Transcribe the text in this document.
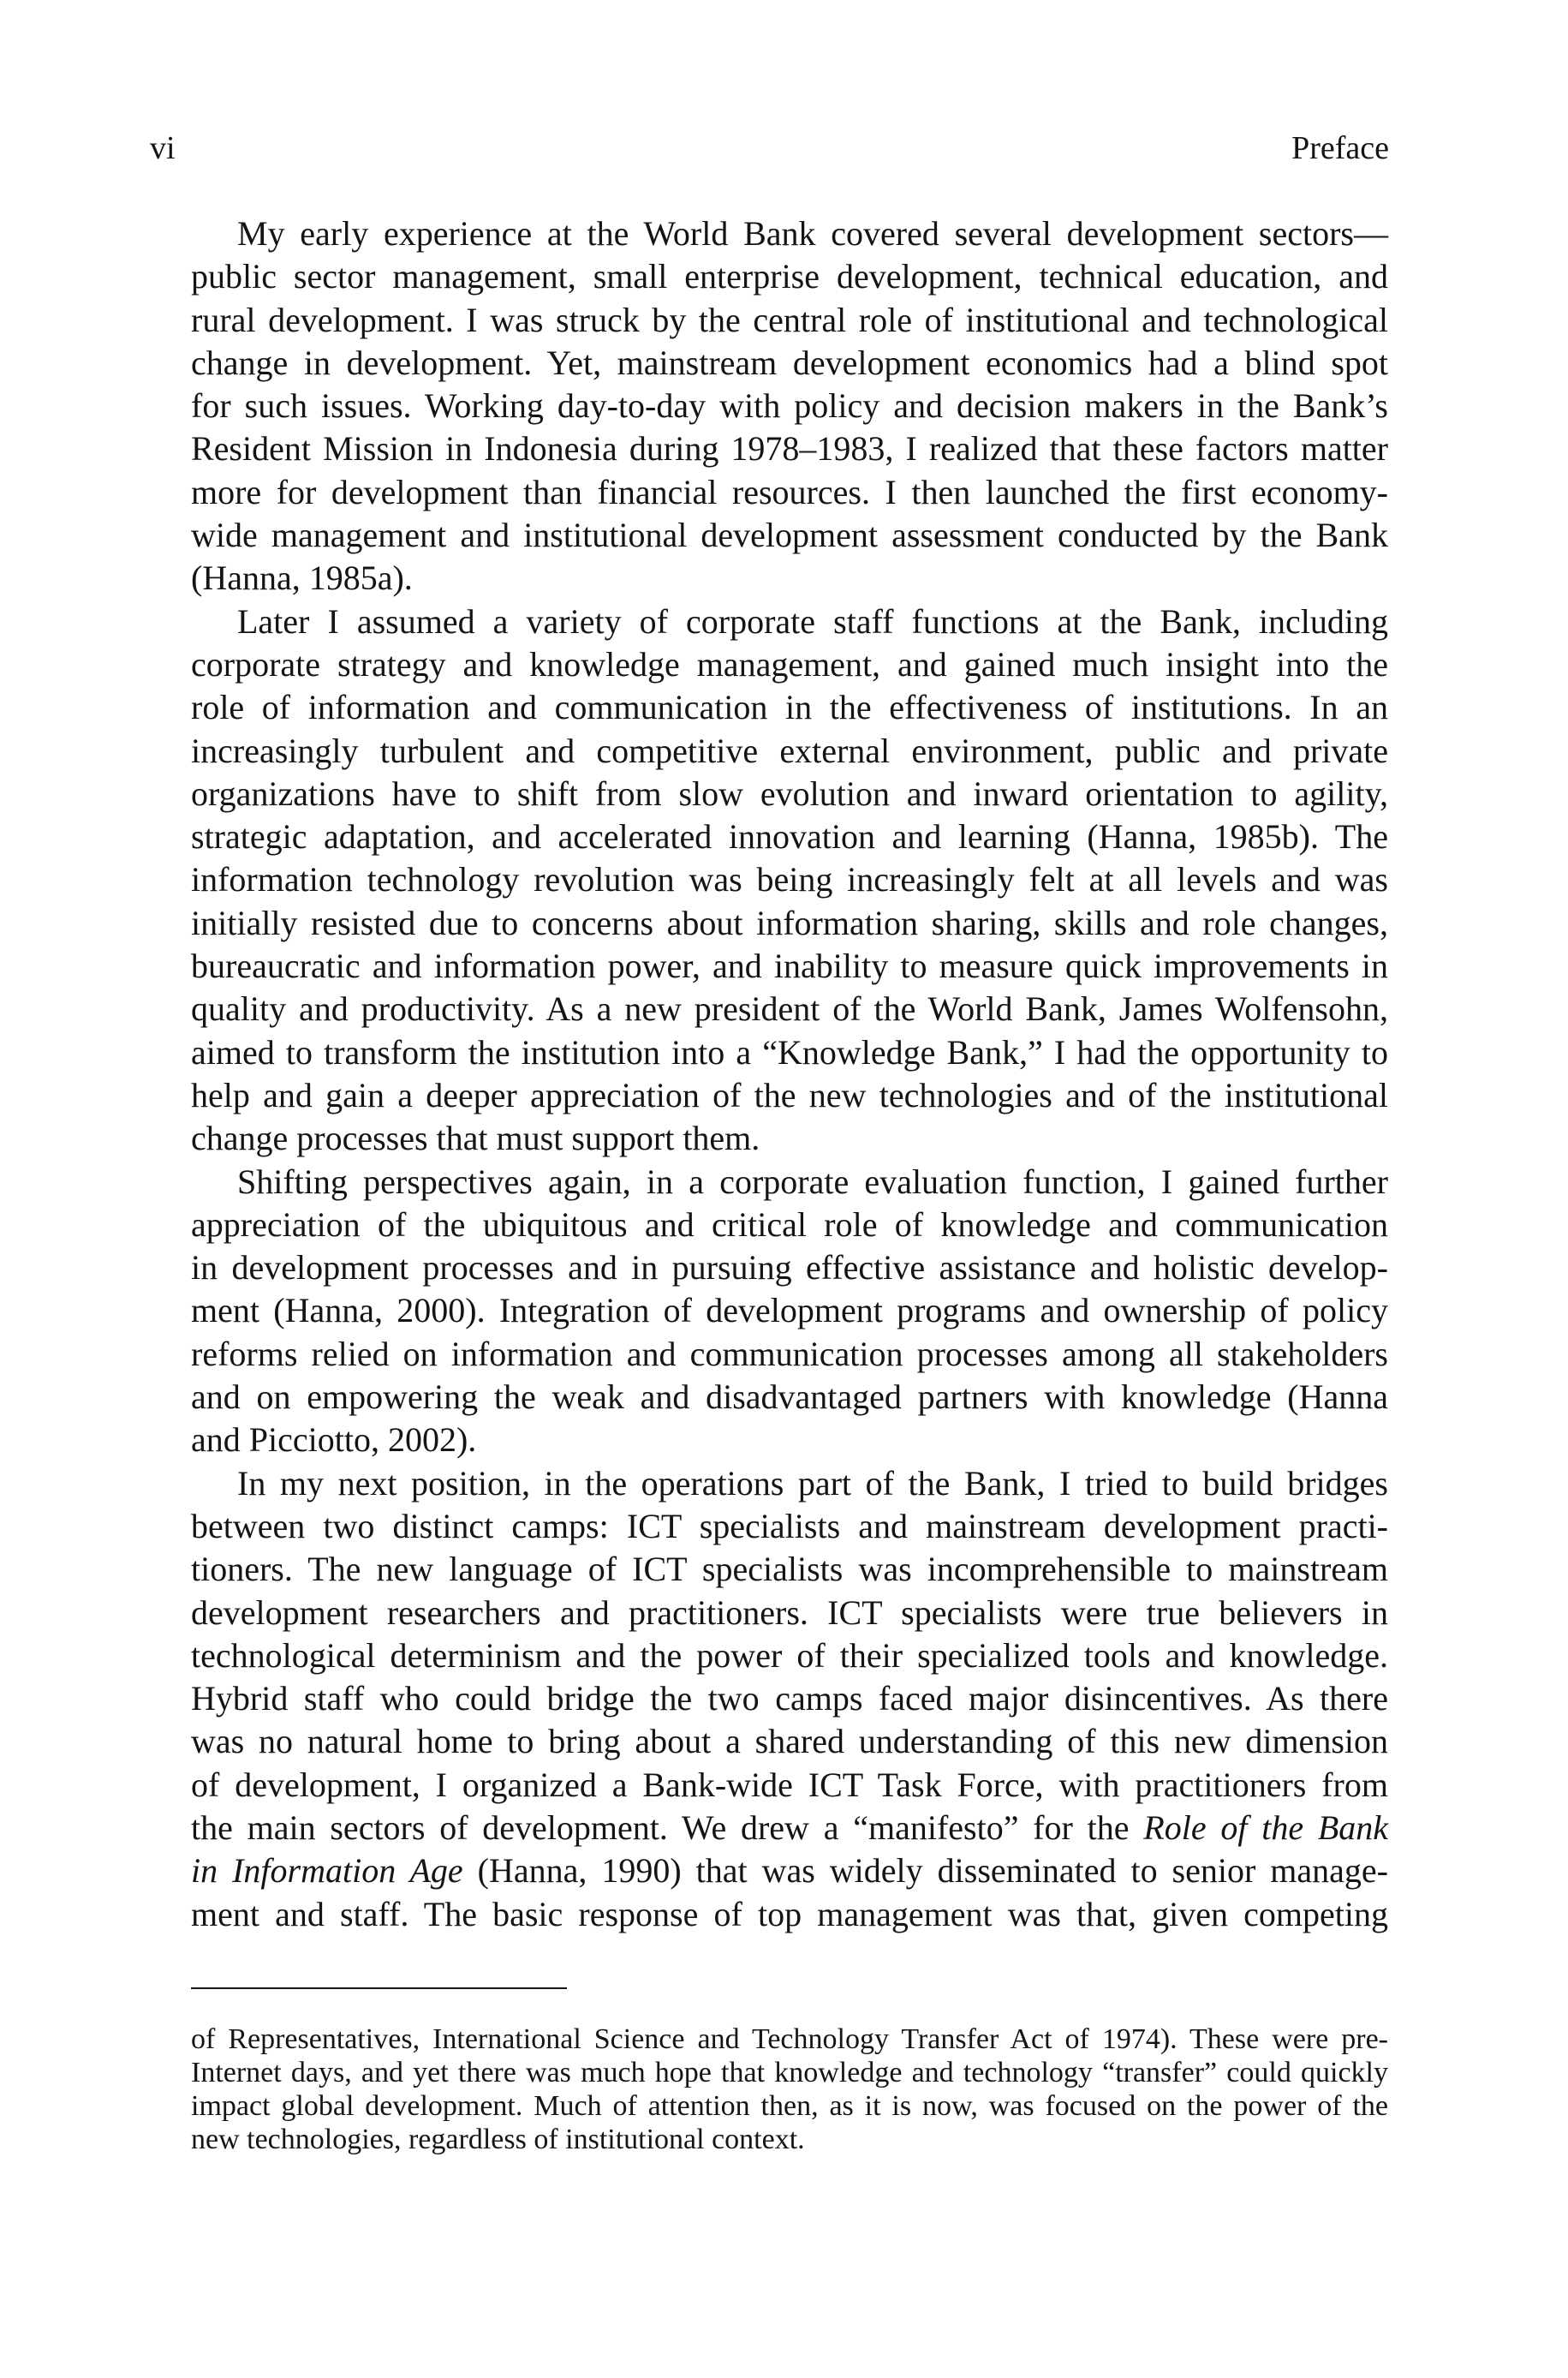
vi	Preface
My early experience at the World Bank covered several development sectors—
public sector management, small enterprise development, technical education, and
rural development. I was struck by the central role of institutional and technological
change in development. Yet, mainstream development economics had a blind spot
for such issues. Working day-to-day with policy and decision makers in the Bank’s
Resident Mission in Indonesia during 1978–1983, I realized that these factors matter
more for development than financial resources. I then launched the first economy-
wide management and institutional development assessment conducted by the Bank
(Hanna, 1985a).
Later I assumed a variety of corporate staff functions at the Bank, including
corporate strategy and knowledge management, and gained much insight into the
role of information and communication in the effectiveness of institutions. In an
increasingly turbulent and competitive external environment, public and private
organizations have to shift from slow evolution and inward orientation to agility,
strategic adaptation, and accelerated innovation and learning (Hanna, 1985b). The
information technology revolution was being increasingly felt at all levels and was
initially resisted due to concerns about information sharing, skills and role changes,
bureaucratic and information power, and inability to measure quick improvements in
quality and productivity. As a new president of the World Bank, James Wolfensohn,
aimed to transform the institution into a “Knowledge Bank,” I had the opportunity to
help and gain a deeper appreciation of the new technologies and of the institutional
change processes that must support them.
Shifting perspectives again, in a corporate evaluation function, I gained further
appreciation of the ubiquitous and critical role of knowledge and communication
in development processes and in pursuing effective assistance and holistic develop-
ment (Hanna, 2000). Integration of development programs and ownership of policy
reforms relied on information and communication processes among all stakeholders
and on empowering the weak and disadvantaged partners with knowledge (Hanna
and Picciotto, 2002).
In my next position, in the operations part of the Bank, I tried to build bridges
between two distinct camps: ICT specialists and mainstream development practi-
tioners. The new language of ICT specialists was incomprehensible to mainstream
development researchers and practitioners. ICT specialists were true believers in
technological determinism and the power of their specialized tools and knowledge.
Hybrid staff who could bridge the two camps faced major disincentives. As there
was no natural home to bring about a shared understanding of this new dimension
of development, I organized a Bank-wide ICT Task Force, with practitioners from
the main sectors of development. We drew a “manifesto” for the Role of the Bank
in Information Age (Hanna, 1990) that was widely disseminated to senior manage-
ment and staff. The basic response of top management was that, given competing
of Representatives, International Science and Technology Transfer Act of 1974). These were pre-
Internet days, and yet there was much hope that knowledge and technology “transfer” could quickly
impact global development. Much of attention then, as it is now, was focused on the power of the
new technologies, regardless of institutional context.
